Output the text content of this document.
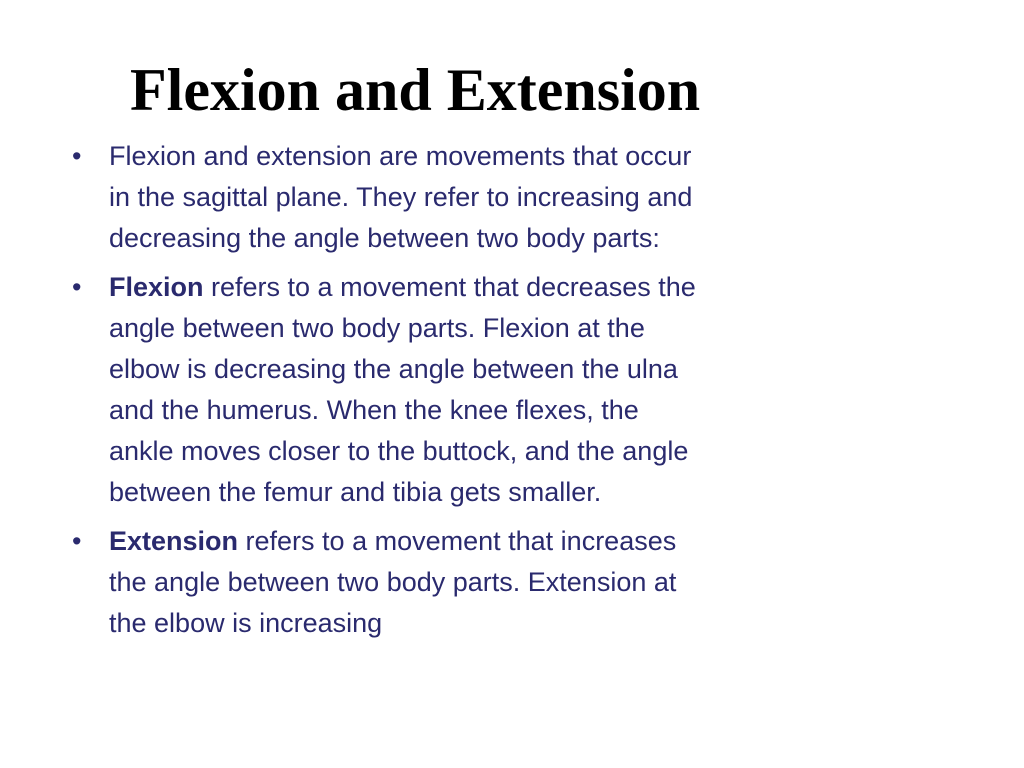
Flexion and Extension
• Flexion and extension are movements that occur in the sagittal plane. They refer to increasing and decreasing the angle between two body parts:
• Flexion refers to a movement that decreases the angle between two body parts. Flexion at the elbow is decreasing the angle between the ulna and the humerus. When the knee flexes, the ankle moves closer to the buttock, and the angle between the femur and tibia gets smaller.
• Extension refers to a movement that increases the angle between two body parts. Extension at the elbow is increasing
